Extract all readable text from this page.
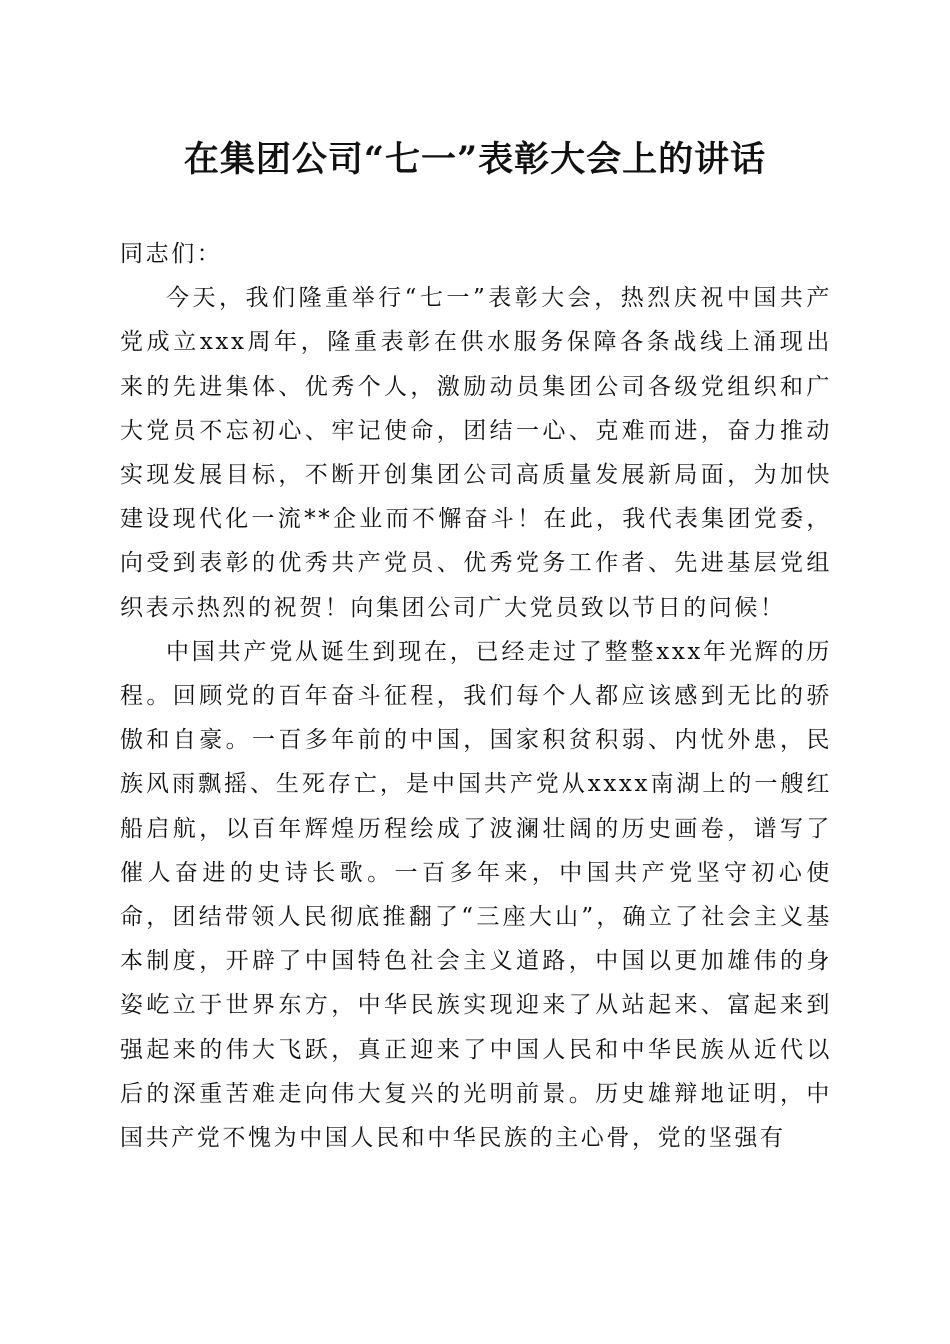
在集团公司“七一”表彰大会上的讲话

同志们：

今天，我们隆重举行“七一”表彰大会，热烈庆祝中国共产党成立xxx周年，隆重表彰在供水服务保障各条战线上涌现出来的先进集体、优秀个人，激励动员集团公司各级党组织和广大党员不忘初心、牢记使命，团结一心、克难而进，奋力推动实现发展目标，不断开创集团公司高质量发展新局面，为加快建设现代化一流**企业而不懈奋斗！在此，我代表集团党委，向受到表彰的优秀共产党员、优秀党务工作者、先进基层党组织表示热烈的祝贺！向集团公司广大党员致以节日的问候！

中国共产党从诞生到现在，已经走过了整整xxx年光辉的历程。回顾党的百年奋斗征程，我们每个人都应该感到无比的骄傲和自豪。一百多年前的中国，国家积贫积弱、内忧外患，民族风雨飘摇、生死存亡，是中国共产党从xxxx南湖上的一艘红船启航，以百年辉煌历程绘成了波澜壮阔的历史画卷，谱写了催人奋进的史诗长歌。一百多年来，中国共产党坚守初心使命，团结带领人民彻底推翻了“三座大山”，确立了社会主义基本制度，开辟了中国特色社会主义道路，中国以更加雄伟的身姿屹立于世界东方，中华民族实现迎来了从站起来、富起来到强起来的伟大飞跃，真正迎来了中国人民和中华民族从近代以后的深重苦难走向伟大复兴的光明前景。历史雄辩地证明，中国共产党不愧为中国人民和中华民族的主心骨，党的坚强有
